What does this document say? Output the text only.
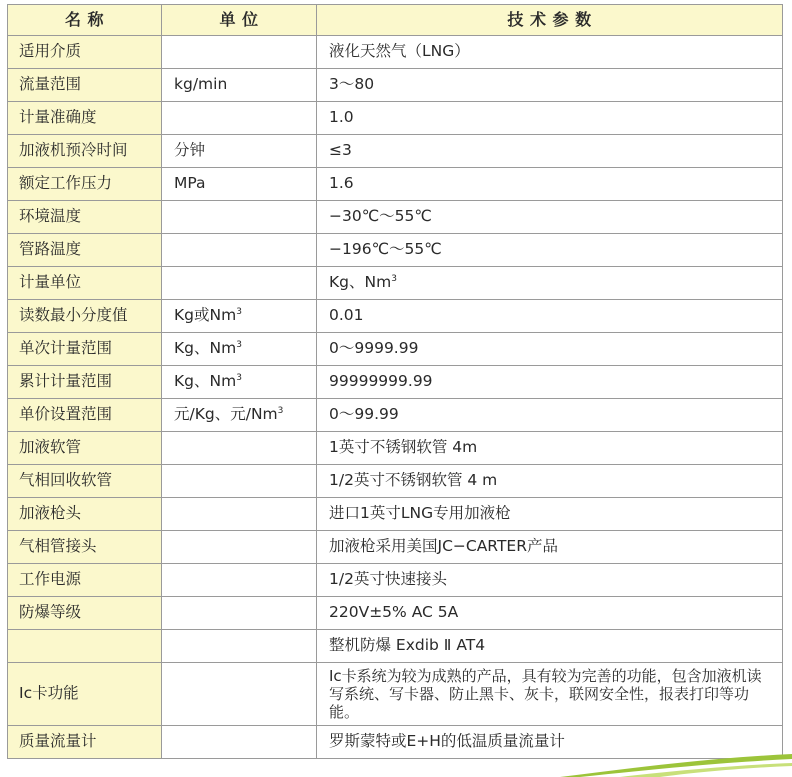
名 称	单 位	技 术 参 数
适用介质		液化天然气（LNG）
流量范围	kg/min	3～80
计量准确度		1.0
加液机预冷时间	分钟	≤3
额定工作压力	MPa	1.6
环境温度		−30℃～55℃
管路温度		−196℃～55℃
计量单位		Kg、Nm$^3$
读数最小分度值	Kg或Nm$^3$	0.01
单次计量范围	Kg、Nm$^3$	0～9999.99
累计计量范围	Kg、Nm$^3$	99999999.99
单价设置范围	元/Kg、元/Nm$^3$	0～99.99
加液软管		1英寸不锈钢软管 4m
气相回收软管		1/2英寸不锈钢软管 4 m
加液枪头		进口1英寸LNG专用加液枪
气相管接头		加液枪采用美国JC−CARTER产品
工作电源		1/2英寸快速接头
防爆等级		220V±5% AC 5A
		整机防爆 Exdib Ⅱ AT4
Ic卡功能		Ic卡系统为较为成熟的产品，具有较为完善的功能，包含加液机读写系统、写卡器、防止黑卡、灰卡，联网安全性，报表打印等功能。
质量流量计		罗斯蒙特或E+H的低温质量流量计
